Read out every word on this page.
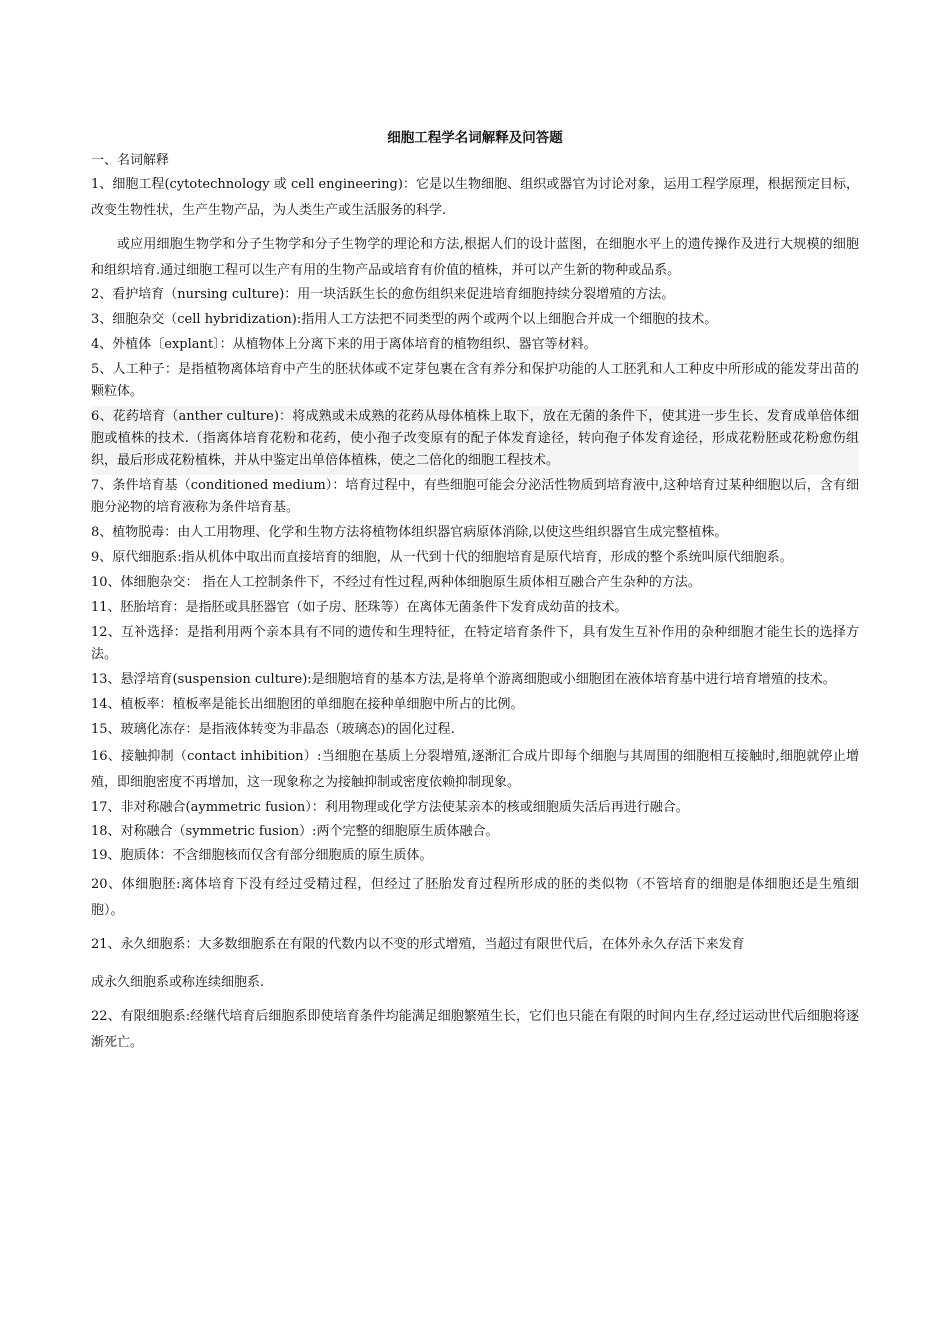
细胞工程学名词解释及问答题
一、名词解释

1、细胞工程(cytotechnology 或 cell engineering)：它是以生物细胞、组织或器官为讨论对象，运用工程学原理，根据预定目标，改变生物性状，生产生物产品，为人类生产或生活服务的科学.

或应用细胞生物学和分子生物学和分子生物学的理论和方法,根据人们的设计蓝图，在细胞水平上的遗传操作及进行大规模的细胞和组织培育.通过细胞工程可以生产有用的生物产品或培育有价值的植株，并可以产生新的物种或品系。

2、看护培育（nursing culture)：用一块活跃生长的愈伤组织来促进培育细胞持续分裂增殖的方法。

3、细胞杂交（cell hybridization):指用人工方法把不同类型的两个或两个以上细胞合并成一个细胞的技术。

4、外植体〔explant〕：从植物体上分离下来的用于离体培育的植物组织、器官等材料。

5、人工种子：是指植物离体培育中产生的胚状体或不定芽包裹在含有养分和保护功能的人工胚乳和人工种皮中所形成的能发芽出苗的颗粒体。

6、花药培育（anther culture)：将成熟或未成熟的花药从母体植株上取下，放在无菌的条件下，使其进一步生长、发育成单倍体细胞或植株的技术.（指离体培育花粉和花药，使小孢子改变原有的配子体发育途径，转向孢子体发育途径，形成花粉胚或花粉愈伤组织，最后形成花粉植株，并从中鉴定出单倍体植株，使之二倍化的细胞工程技术。

7、条件培育基（conditioned medium）：培育过程中，有些细胞可能会分泌活性物质到培育液中,这种培育过某种细胞以后，含有细胞分泌物的培育液称为条件培育基。

8、植物脱毒：由人工用物理、化学和生物方法将植物体组织器官病原体消除,以使这些组织器官生成完整植株。

9、原代细胞系:指从机体中取出而直接培育的细胞，从一代到十代的细胞培育是原代培育，形成的整个系统叫原代细胞系。

10、体细胞杂交： 指在人工控制条件下，不经过有性过程,两种体细胞原生质体相互融合产生杂种的方法。

11、胚胎培育：是指胚或具胚器官（如子房、胚珠等）在离体无菌条件下发育成幼苗的技术。

12、互补选择：是指利用两个亲本具有不同的遗传和生理特征，在特定培育条件下，具有发生互补作用的杂种细胞才能生长的选择方法。

13、悬浮培育(suspension culture):是细胞培育的基本方法,是将单个游离细胞或小细胞团在液体培育基中进行培育增殖的技术。

14、植板率：植板率是能长出细胞团的单细胞在接种单细胞中所占的比例。

15、玻璃化冻存：是指液体转变为非晶态（玻璃态)的固化过程.

16、接触抑制（contact inhibition）:当细胞在基质上分裂增殖,逐渐汇合成片即每个细胞与其周围的细胞相互接触时,细胞就停止增殖，即细胞密度不再增加，这一现象称之为接触抑制或密度依赖抑制现象。

17、非对称融合(aymmetric fusion）：利用物理或化学方法使某亲本的核或细胞质失活后再进行融合。

18、对称融合（symmetric fusion）:两个完整的细胞原生质体融合。

19、胞质体：不含细胞核而仅含有部分细胞质的原生质体。

20、体细胞胚:离体培育下没有经过受精过程，但经过了胚胎发育过程所形成的胚的类似物（不管培育的细胞是体细胞还是生殖细胞）。

21、永久细胞系：大多数细胞系在有限的代数内以不变的形式增殖，当超过有限世代后，在体外永久存活下来发育

成永久细胞系或称连续细胞系.

22、有限细胞系:经继代培育后细胞系即使培育条件均能满足细胞繁殖生长，它们也只能在有限的时间内生存,经过运动世代后细胞将逐渐死亡。
